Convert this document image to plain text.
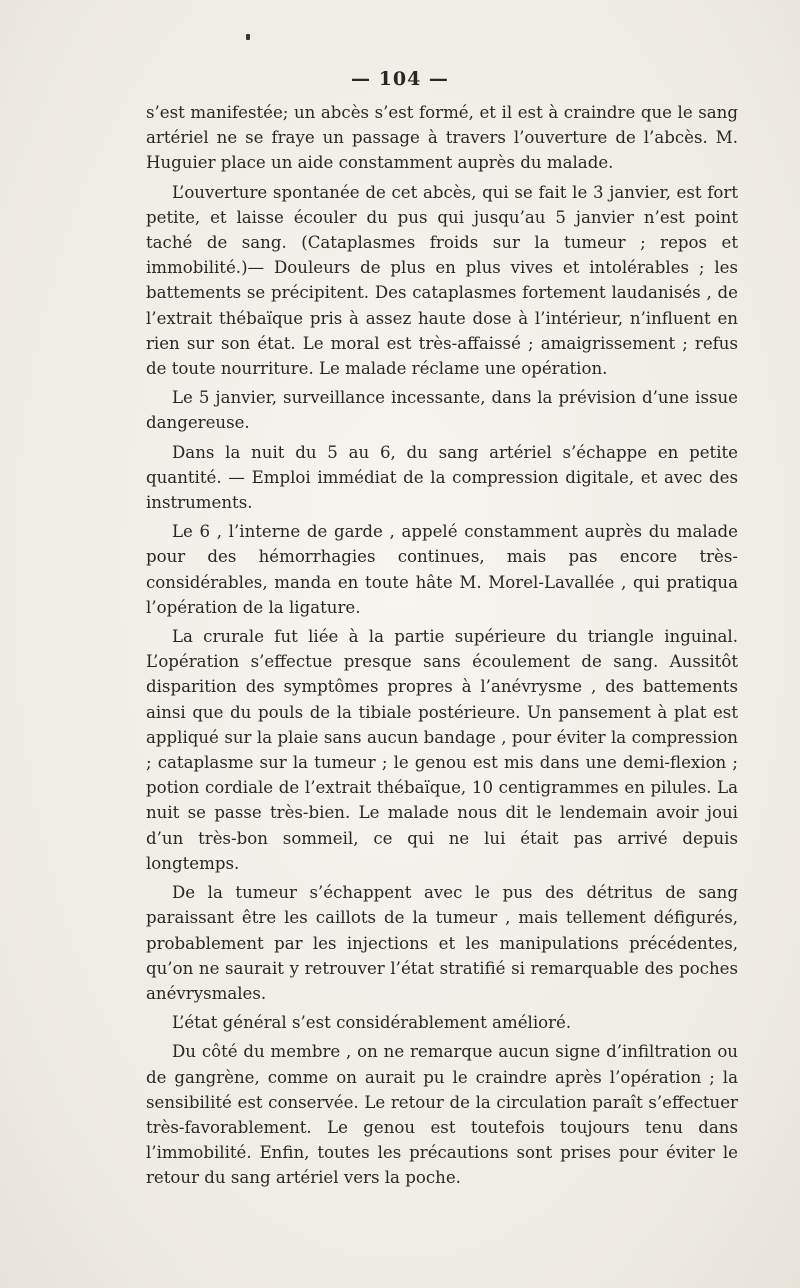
— 104 —

s’est manifestée; un abcès s’est formé, et il est à craindre que le sang artériel ne se fraye un passage à travers l’ouverture de l’abcès. M. Huguier place un aide constamment auprès du malade.

L’ouverture spontanée de cet abcès, qui se fait le 3 janvier, est fort petite, et laisse écouler du pus qui jusqu’au 5 janvier n’est point taché de sang. (Cataplasmes froids sur la tumeur ; repos et immobilité.)— Douleurs de plus en plus vives et intolérables ; les battements se précipitent. Des cataplasmes fortement laudanisés , de l’extrait thébaïque pris à assez haute dose à l’intérieur, n’influent en rien sur son état. Le moral est très-affaissé ; amaigrissement ; refus de toute nourriture. Le malade réclame une opération.

Le 5 janvier, surveillance incessante, dans la prévision d’une issue dangereuse.

Dans la nuit du 5 au 6, du sang artériel s’échappe en petite quantité. — Emploi immédiat de la compression digitale, et avec des instruments.

Le 6 , l’interne de garde , appelé constamment auprès du malade pour des hémorrhagies continues, mais pas encore très-considérables, manda en toute hâte M. Morel-Lavallée , qui pratiqua l’opération de la ligature.

La crurale fut liée à la partie supérieure du triangle inguinal. L’opération s’effectue presque sans écoulement de sang. Aussitôt disparition des symptômes propres à l’anévrysme , des battements ainsi que du pouls de la tibiale postérieure. Un pansement à plat est appliqué sur la plaie sans aucun bandage , pour éviter la compression ; cataplasme sur la tumeur ; le genou est mis dans une demi-flexion ; potion cordiale de l’extrait thébaïque, 10 centigrammes en pilules. La nuit se passe très-bien. Le malade nous dit le lendemain avoir joui d’un très-bon sommeil, ce qui ne lui était pas arrivé depuis longtemps.

De la tumeur s’échappent avec le pus des détritus de sang paraissant être les caillots de la tumeur , mais tellement défigurés, probablement par les injections et les manipulations précédentes, qu’on ne saurait y retrouver l’état stratifié si remarquable des poches anévrysmales.

L’état général s’est considérablement amélioré.

Du côté du membre , on ne remarque aucun signe d’infiltration ou de gangrène, comme on aurait pu le craindre après l’opération ; la sensibilité est conservée. Le retour de la circulation paraît s’effectuer très-favorablement. Le genou est toutefois toujours tenu dans l’immobilité. Enfin, toutes les précautions sont prises pour éviter le retour du sang artériel vers la poche.
